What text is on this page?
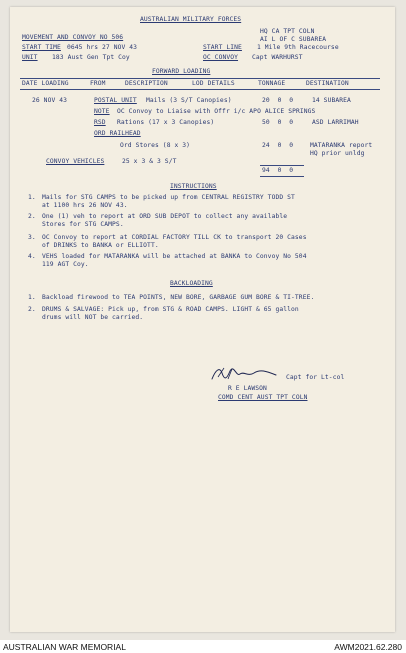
AUSTRALIAN MILITARY FORCES
HQ CA TPT COLN
AI L OF C SUBAREA
MOVEMENT AND CONVOY NO 506
START TIME 0645 hrs 27 NOV 43
UNIT 183 Aust Gen Tpt Coy
START LINE 1 Mile 9th Racecourse
OC CONVOY Capt WARHURST
FORWARD LOADING
DATE LOADING	FROM	DESCRIPTION	LOD DETAILS	TONNAGE	DESTINATION
26 NOV 43	POSTAL UNIT Mails (3 S/T Canopies)	20  0  0	14 SUBAREA
NOTE OC Convoy to Liaise with Offr i/c APO ALICE SPRINGS
RSD Rations (17 x 3 Canopies)	50  0  0	ASD LARRIMAH
ORD RAILHEAD
Ord Stores (8 x 3)	24  0  0	MATARANKA report
HQ prior unldg
CONVOY VEHICLES	25 x 3 & 3 S/T
94  0  0
INSTRUCTIONS
1. Mails for STG CAMPS to be picked up from CENTRAL REGISTRY TODD ST
at 1100 hrs 26 NOV 43.
2. One (1) veh to report at ORD SUB DEPOT to collect any available
Stores for STG CAMPS.
3. OC Convoy to report at CORDIAL FACTORY TILL CK to transport 20 Cases
of DRINKS to BANKA or ELLIOTT.
4. VEHS loaded for MATARANKA will be attached at BANKA to Convoy No 504
119 AGT Coy.
BACKLOADING
1. Backload firewood to TEA POINTS, NEW BORE, GARBAGE GUM BORE & TI-TREE.
2. DRUMS & SALVAGE: Pick up, from STG & ROAD CAMPS. LIGHT & 65 gallon
drums will NOT be carried.
Capt for Lt-col
R E LAWSON
COMD CENT AUST TPT COLN
AUSTRALIAN WAR MEMORIAL	AWM2021.62.280
